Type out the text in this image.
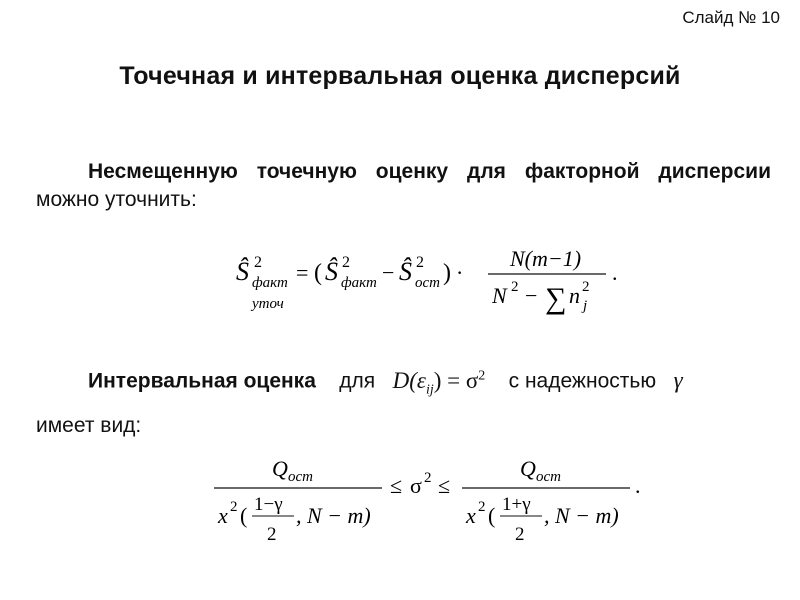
Слайд № 10
Точечная и интервальная оценка дисперсий
Несмещенную точечную оценку для факторной дисперсии можно уточнить:
Ŝ 2
факт
уточ
= ( Ŝ 2
факт − Ŝ 2
ост ) ·
N(m−1)
N 2 − ∑ n 2
j
.
Интервальная оценка для $D(\varepsilon_{ij}) = \sigma^2$ с надежностью γ
имеет вид:
Q ост
x 2 ( 1−γ
2
, N − m)
≤ σ 2 ≤
Q ост
x 2 ( 1+γ
2
, N − m)
.
